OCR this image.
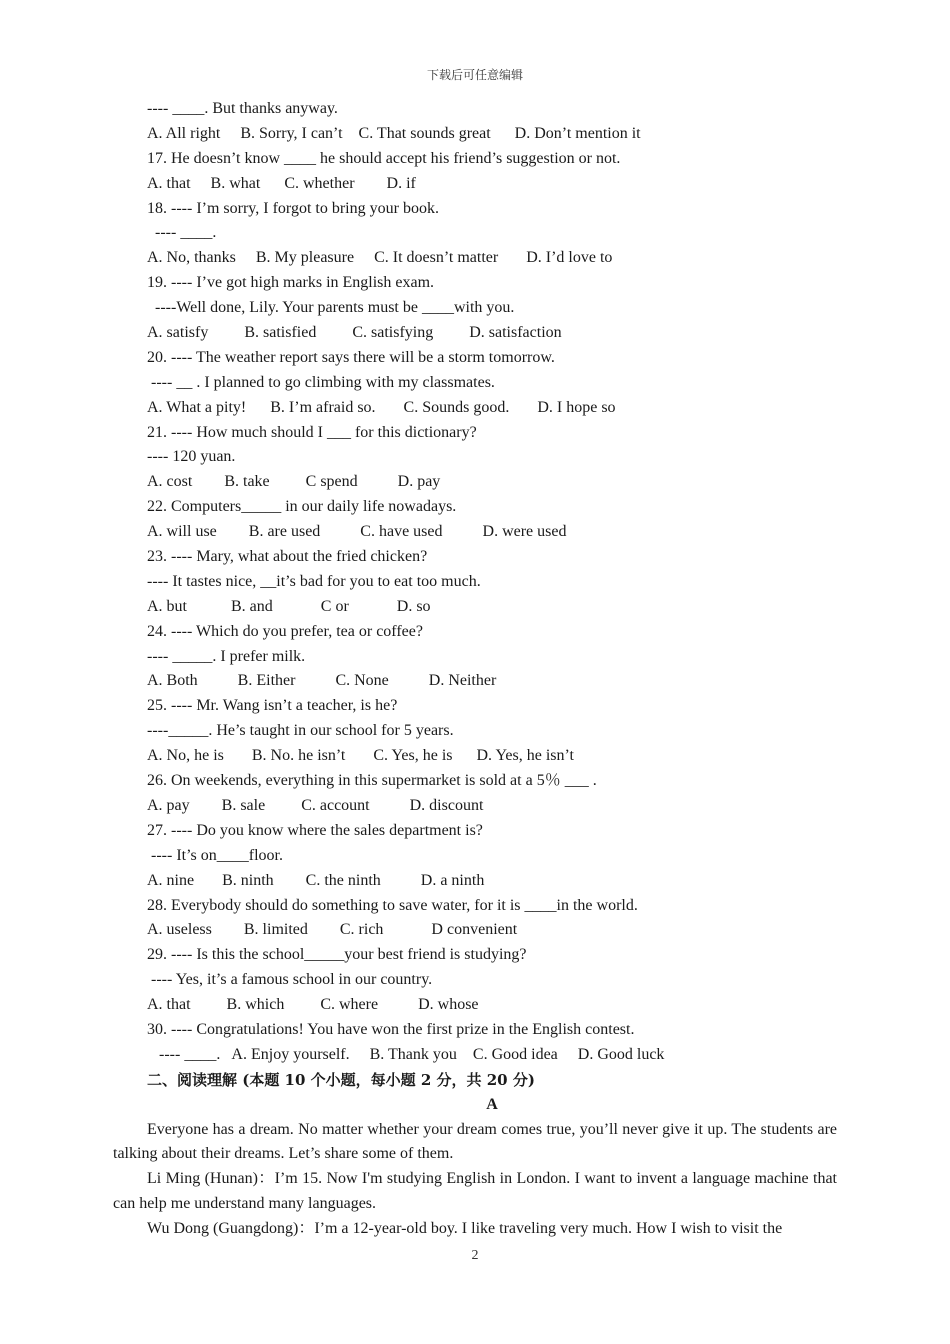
下载后可任意编辑
---- ____. But thanks anyway.
A. All right     B. Sorry, I can’t    C. That sounds great      D. Don’t mention it
17. He doesn’t know ____ he should accept his friend’s suggestion or not.
A. that     B. what      C. whether        D. if
18. ---- I’m sorry, I forgot to bring your book.
---- ____.
A. No, thanks     B. My pleasure     C. It doesn’t matter       D. I’d love to
19. ---- I’ve got high marks in English exam.
----Well done, Lily. Your parents must be ____with you.
A. satisfy         B. satisfied         C. satisfying         D. satisfaction
20. ---- The weather report says there will be a storm tomorrow.
---- __ . I planned to go climbing with my classmates.
A. What a pity!      B. I’m afraid so.       C. Sounds good.       D. I hope so
21. ---- How much should I ___ for this dictionary?
---- 120 yuan.
A. cost        B. take         C spend          D. pay
22. Computers_____ in our daily life nowadays.
A. will use        B. are used          C. have used          D. were used
23. ---- Mary, what about the fried chicken?
---- It tastes nice, __it’s bad for you to eat too much.
A. but           B. and            C or            D. so
24. ---- Which do you prefer, tea or coffee?
---- _____. I prefer milk.
A. Both          B. Either          C. None          D. Neither
25. ---- Mr. Wang isn’t a teacher, is he?
----_____. He’s taught in our school for 5 years.
A. No, he is       B. No. he isn’t       C. Yes, he is      D. Yes, he isn’t
26. On weekends, everything in this supermarket is sold at a 5％ ___ .
A. pay        B. sale         C. account          D. discount
27. ---- Do you know where the sales department is?
---- It’s on____floor.
A. nine       B. ninth        C. the ninth          D. a ninth
28. Everybody should do something to save water, for it is ____in the world.
A. useless        B. limited        C. rich            D convenient
29. ---- Is this the school_____your best friend is studying?
---- Yes, it’s a famous school in our country.
A. that         B. which         C. where          D. whose
30. ---- Congratulations! You have won the first prize in the English contest.
---- ____.   A. Enjoy yourself.     B. Thank you    C. Good idea     D. Good luck
二、阅读理解 (本题 10 个小题，每小题 2 分，共 20 分)
A

Everyone has a dream. No matter whether your dream comes true, you’ll never give it up. The students are talking about their dreams. Let’s share some of them.

Li Ming (Hunan)：I’m 15. Now I'm studying English in London. I want to invent a language machine that can help me understand many languages.

Wu Dong (Guangdong)：I’m a 12-year-old boy. I like traveling very much. How I wish to visit the

2
